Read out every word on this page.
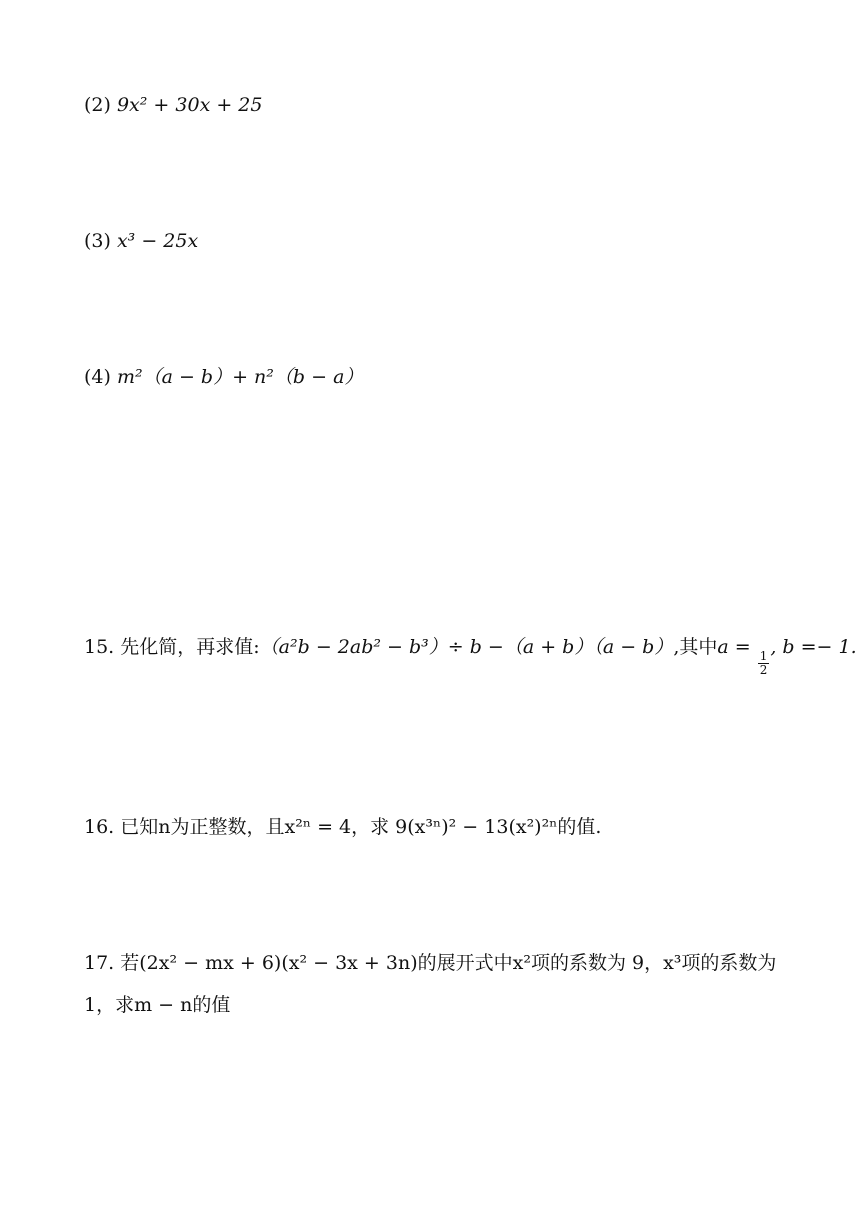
(2) 9x² + 30x + 25
(3) x³ − 25x
(4) m²（a − b）+ n²（b − a）
15. 先化简，再求值:（a²b − 2ab² − b³）÷ b −（a + b）（a − b）,其中a =
$\frac{1}{2}$
, b =− 1.
16. 已知n为正整数，且x²ⁿ = 4，求 9(x³ⁿ)² − 13(x²)²ⁿ的值.
17. 若(2x² − mx + 6)(x² − 3x + 3n)的展开式中x²项的系数为 9，x³项的系数为
1，求m − n的值
